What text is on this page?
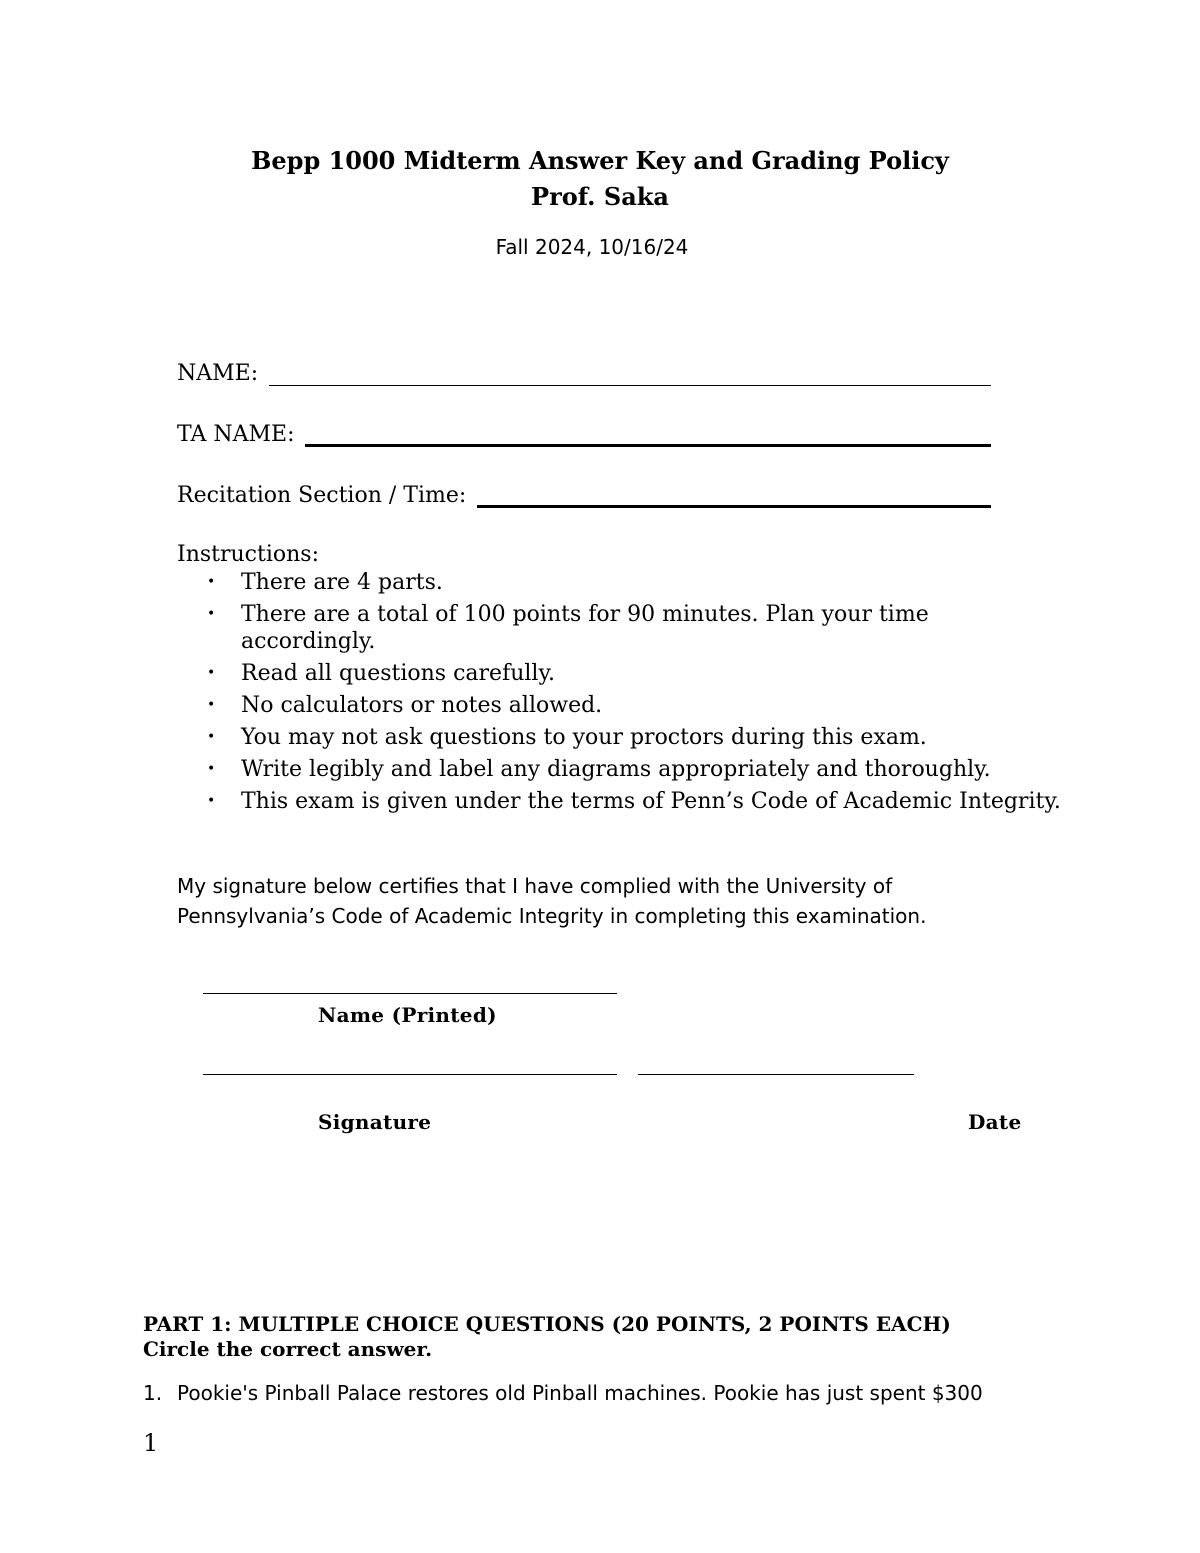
Bepp 1000 Midterm Answer Key and Grading Policy
Prof. Saka
Fall 2024, 10/16/24
NAME:
TA NAME:
Recitation Section / Time:
Instructions:
• There are 4 parts.
• There are a total of 100 points for 90 minutes. Plan your time accordingly.
• Read all questions carefully.
• No calculators or notes allowed.
• You may not ask questions to your proctors during this exam.
• Write legibly and label any diagrams appropriately and thoroughly.
• This exam is given under the terms of Penn’s Code of Academic Integrity.
My signature below certifies that I have complied with the University of Pennsylvania’s Code of Academic Integrity in completing this examination.
Name (Printed)
Signature	Date
PART 1: MULTIPLE CHOICE QUESTIONS (20 POINTS, 2 POINTS EACH)
Circle the correct answer.
1. Pookie's Pinball Palace restores old Pinball machines. Pookie has just spent $300
1
